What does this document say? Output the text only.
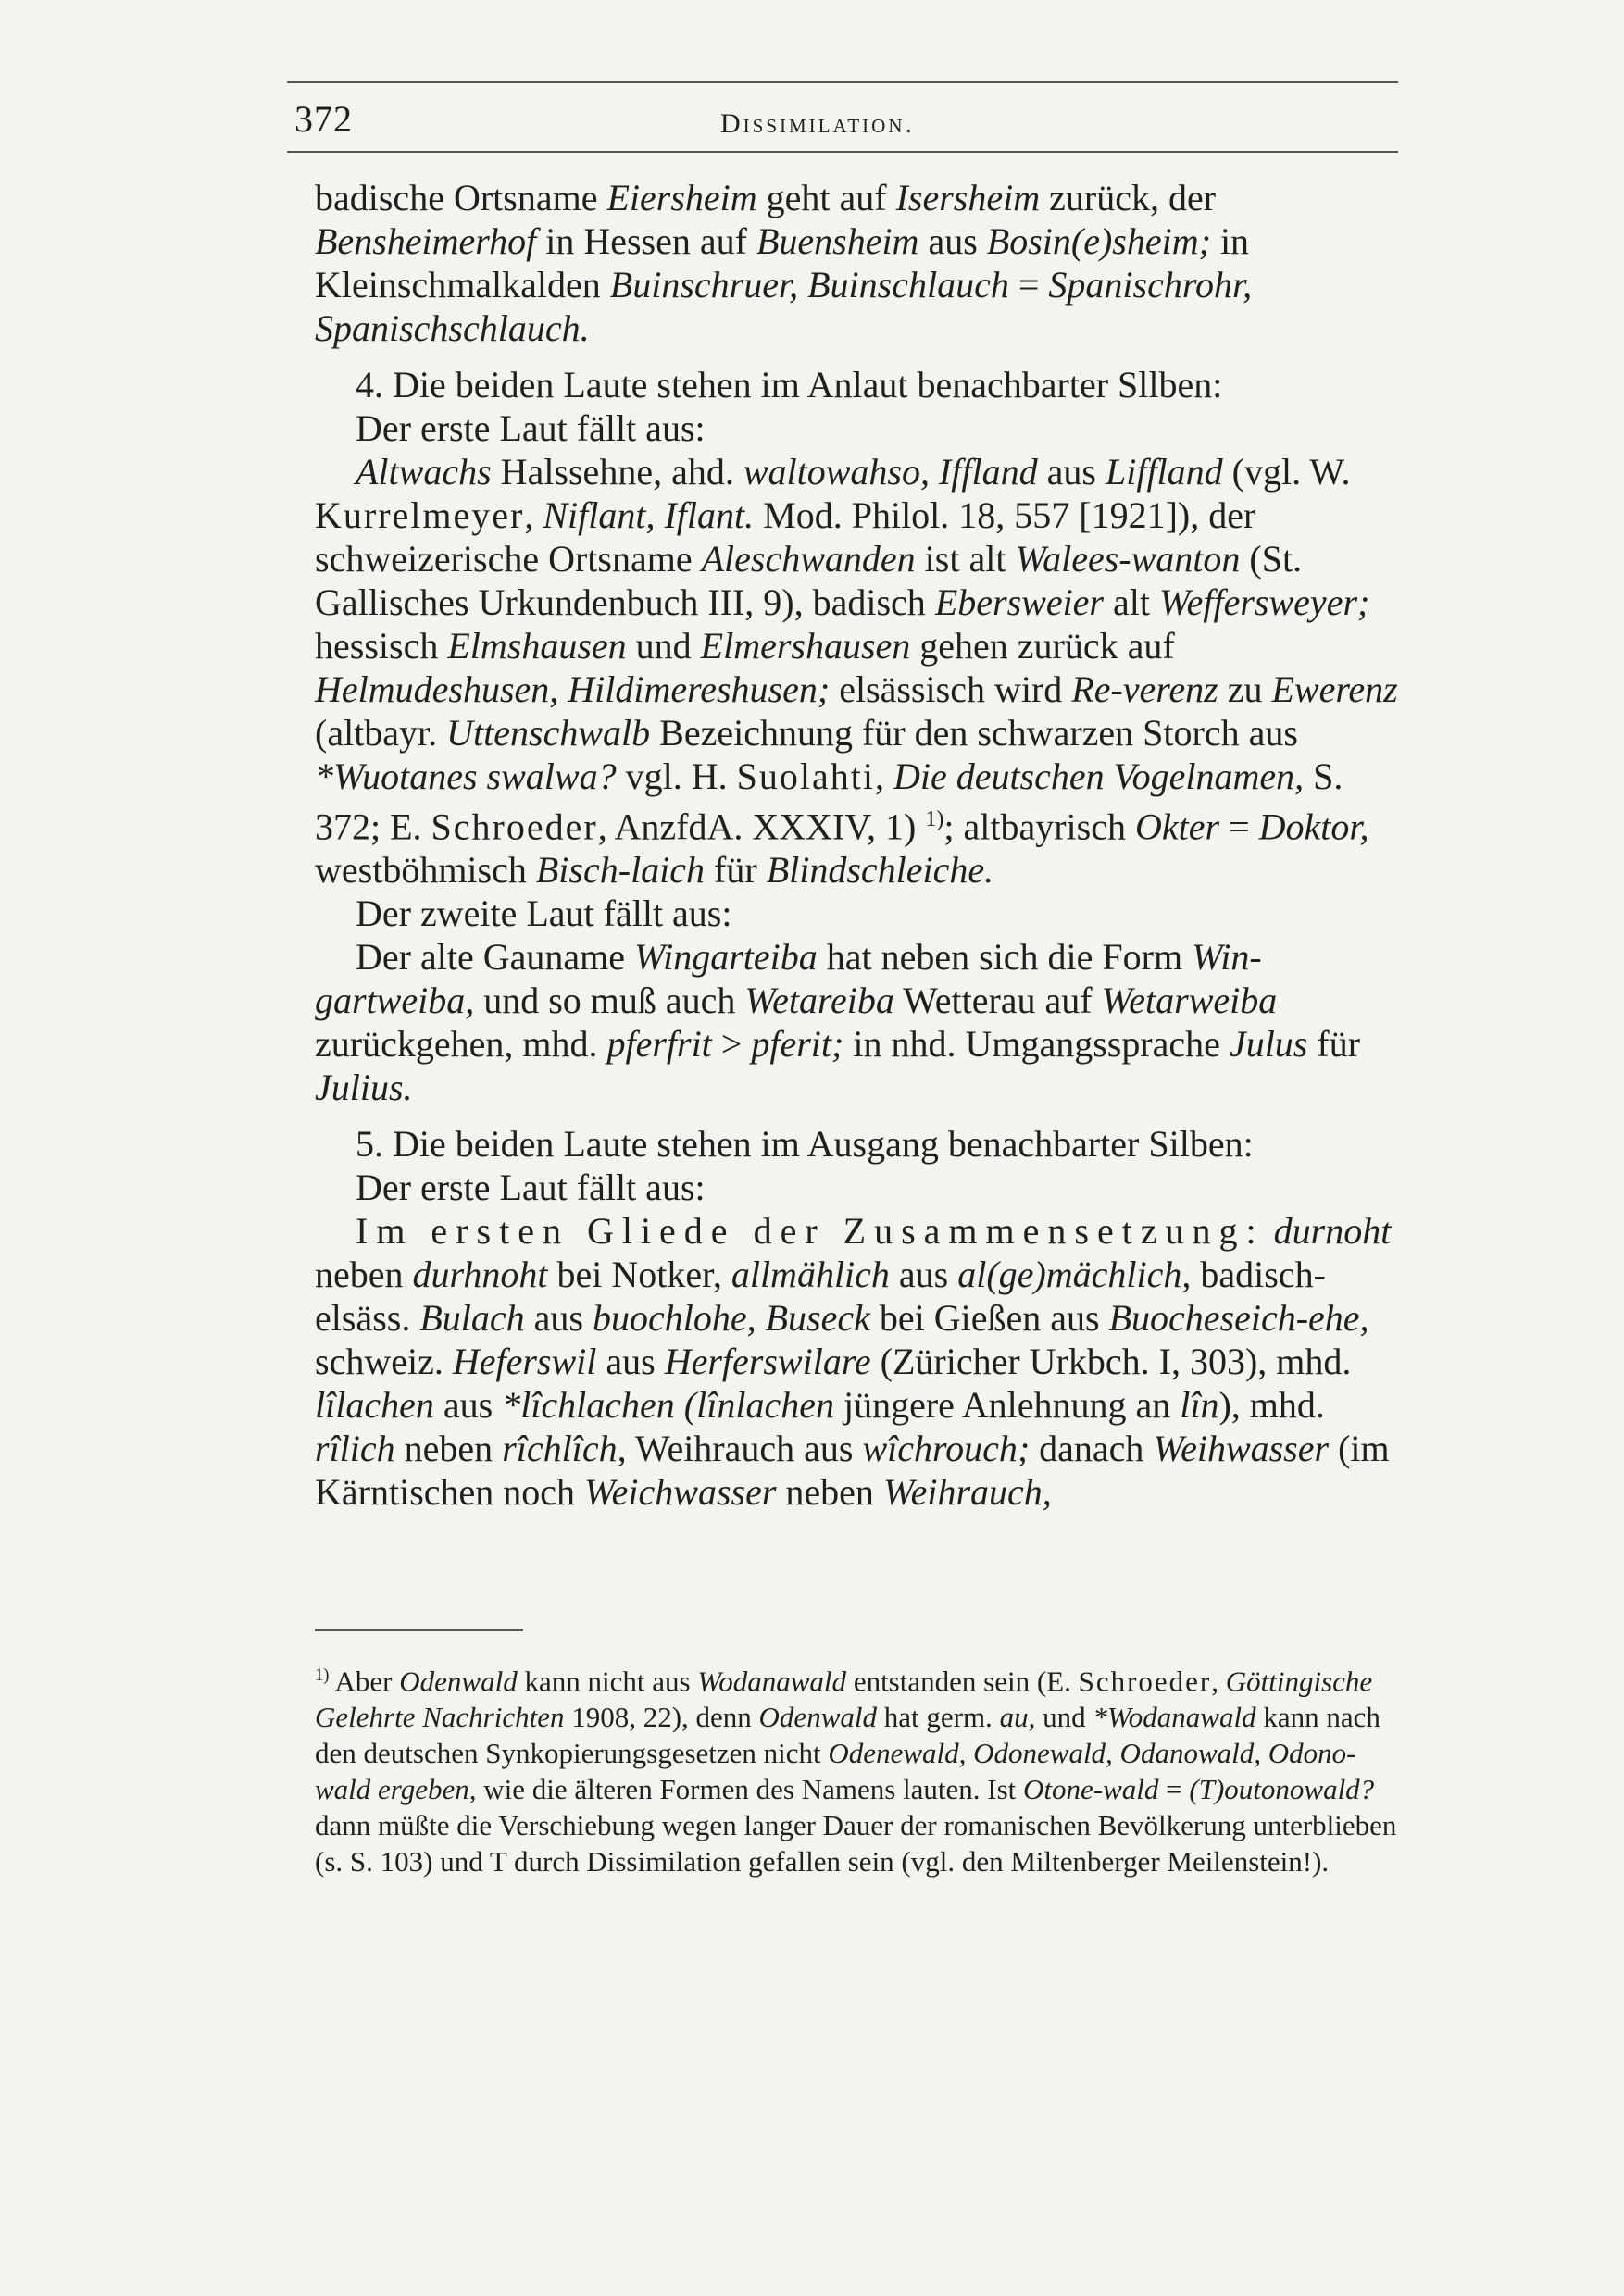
372	Dissimilation.

badische Ortsname Eiersheim geht auf Isersheim zurück, der Bensheimerhof in Hessen auf Buensheim aus Bosin(e)sheim; in Kleinschmalkalden Buinschruer, Buinschlauch = Spanischrohr, Spanischschlauch.

4. Die beiden Laute stehen im Anlaut benachbarter Sllben:

Der erste Laut fällt aus:

Altwachs Halssehne, ahd. waltowahso, Iffland aus Liffland (vgl. W. Kurrelmeyer, Niflant, Iflant. Mod. Philol. 18, 557 [1921]), der schweizerische Ortsname Aleschwanden ist alt Walees-wanton (St. Gallisches Urkundenbuch III, 9), badisch Ebersweier alt Weffersweyer; hessisch Elmshausen und Elmershausen gehen zurück auf Helmudeshusen, Hildimereshusen; elsässisch wird Re-verenz zu Ewerenz (altbayr. Uttenschwalb Bezeichnung für den schwarzen Storch aus *Wuotanes swalwa? vgl. H. Suolahti, Die deutschen Vogelnamen, S. 372; E. Schroeder, AnzfdA. XXXIV, 1) $^{1)}$; altbayrisch Okter = Doktor, westböhmisch Bisch-laich für Blindschleiche.

Der zweite Laut fällt aus:

Der alte Gauname Wingarteiba hat neben sich die Form Win-gartweiba, und so muß auch Wetareiba Wetterau auf Wetarweiba zurückgehen, mhd. pferfrit > pferit; in nhd. Umgangssprache Julus für Julius.

5. Die beiden Laute stehen im Ausgang benachbarter Silben:

Der erste Laut fällt aus:

Im ersten Gliede der Zusammensetzung: durnoht neben durhnoht bei Notker, allmählich aus al(ge)mächlich, badisch-elsäss. Bulach aus buochlohe, Buseck bei Gießen aus Buocheseich-ehe, schweiz. Heferswil aus Herferswilare (Züricher Urkbch. I, 303), mhd. lîlachen aus *lîchlachen (lînlachen jüngere Anlehnung an lîn), mhd. rîlich neben rîchlîch, Weihrauch aus wîchrouch; danach Weihwasser (im Kärntischen noch Weichwasser neben Weihrauch,

$^{1)}$ Aber Odenwald kann nicht aus Wodanawald entstanden sein (E. Schroeder, Göttingische Gelehrte Nachrichten 1908, 22), denn Odenwald hat germ. au, und *Wodanawald kann nach den deutschen Synkopierungsgesetzen nicht Odenewald, Odonewald, Odanowald, Odono-wald ergeben, wie die älteren Formen des Namens lauten. Ist Otone-wald = (T)outonowald? dann müßte die Verschiebung wegen langer Dauer der romanischen Bevölkerung unterblieben (s. S. 103) und T durch Dissimilation gefallen sein (vgl. den Miltenberger Meilenstein!).
